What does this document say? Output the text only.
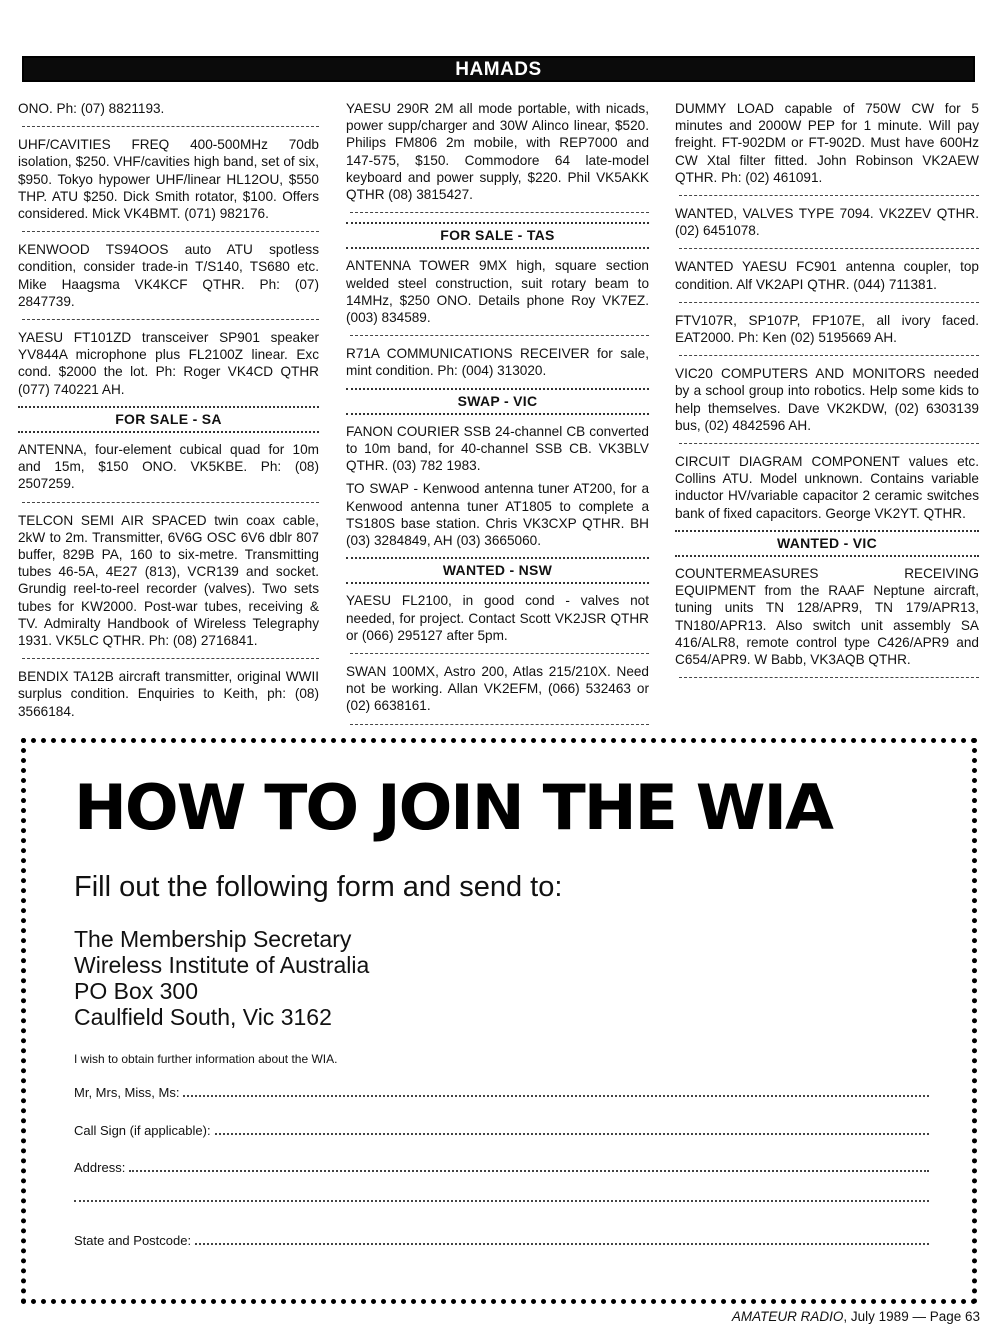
HAMADS
ONO. Ph: (07) 8821193.
UHF/CAVITIES FREQ 400-500MHz 70db isolation, $250. VHF/cavities high band, set of six, $950. Tokyo hypower UHF/linear HL12OU, $550 THP. ATU $250. Dick Smith rotator, $100. Offers considered. Mick VK4BMT. (071) 982176.
KENWOOD TS94OOS auto ATU spotless condition, consider trade-in T/S140, TS680 etc. Mike Haagsma VK4KCF QTHR. Ph: (07) 2847739.
YAESU FT101ZD transceiver SP901 speaker YV844A microphone plus FL2100Z linear. Exc cond. $2000 the lot. Ph: Roger VK4CD QTHR (077) 740221 AH.
FOR SALE - SA
ANTENNA, four-element cubical quad for 10m and 15m, $150 ONO. VK5KBE. Ph: (08) 2507259.
TELCON SEMI AIR SPACED twin coax cable, 2kW to 2m. Transmitter, 6V6G OSC 6V6 dblr 807 buffer, 829B PA, 160 to six-metre. Transmitting tubes 46-5A, 4E27 (813), VCR139 and socket. Grundig reel-to-reel recorder (valves). Two sets tubes for KW2000. Post-war tubes, receiving & TV. Admiralty Handbook of Wireless Telegraphy 1931. VK5LC QTHR. Ph: (08) 2716841.
BENDIX TA12B aircraft transmitter, original WWII surplus condition. Enquiries to Keith, ph: (08) 3566184.
YAESU 290R 2M all mode portable, with nicads, power supp/charger and 30W Alinco linear, $520. Philips FM806 2m mobile, with REP7000 and 147-575, $150. Commodore 64 late-model keyboard and power supply, $220. Phil VK5AKK QTHR (08) 3815427.
FOR SALE - TAS
ANTENNA TOWER 9MX high, square section welded steel construction, suit rotary beam to 14MHz, $250 ONO. Details phone Roy VK7EZ. (003) 834589.
R71A COMMUNICATIONS RECEIVER for sale, mint condition. Ph: (004) 313020.
SWAP - VIC
FANON COURIER SSB 24-channel CB converted to 10m band, for 40-channel SSB CB. VK3BLV QTHR. (03) 782 1983.
TO SWAP - Kenwood antenna tuner AT200, for a Kenwood antenna tuner AT1805 to complete a TS180S base station. Chris VK3CXP QTHR. BH (03) 3284849, AH (03) 3665060.
WANTED - NSW
YAESU FL2100, in good cond - valves not needed, for project. Contact Scott VK2JSR QTHR or (066) 295127 after 5pm.
SWAN 100MX, Astro 200, Atlas 215/210X. Need not be working. Allan VK2EFM, (066) 532463 or (02) 6638161.
DUMMY LOAD capable of 750W CW for 5 minutes and 2000W PEP for 1 minute. Will pay freight. FT-902DM or FT-902D. Must have 600Hz CW Xtal filter fitted. John Robinson VK2AEW QTHR. Ph: (02) 461091.
WANTED, VALVES TYPE 7094. VK2ZEV QTHR. (02) 6451078.
WANTED YAESU FC901 antenna coupler, top condition. Alf VK2API QTHR. (044) 711381.
FTV107R, SP107P, FP107E, all ivory faced. EAT2000. Ph: Ken (02) 5195669 AH.
VIC20 COMPUTERS AND MONITORS needed by a school group into robotics. Help some kids to help themselves. Dave VK2KDW, (02) 6303139 bus, (02) 4842596 AH.
CIRCUIT DIAGRAM COMPONENT values etc. Collins ATU. Model unknown. Contains variable inductor HV/variable capacitor 2 ceramic switches bank of fixed capacitors. George VK2YT. QTHR.
WANTED - VIC
COUNTERMEASURES RECEIVING EQUIPMENT from the RAAF Neptune aircraft, tuning units TN 128/APR9, TN 179/APR13, TN180/APR13. Also switch unit assembly SA 416/ALR8, remote control type C426/APR9 and C654/APR9. W Babb, VK3AQB QTHR.
HOW TO JOIN THE WIA
Fill out the following form and send to:
The Membership Secretary
Wireless Institute of Australia
PO Box 300
Caulfield South, Vic 3162
I wish to obtain further information about the WIA.
Mr, Mrs, Miss, Ms:
Call Sign (if applicable):
Address:
State and Postcode:
AMATEUR RADIO, July 1989 — Page 63
